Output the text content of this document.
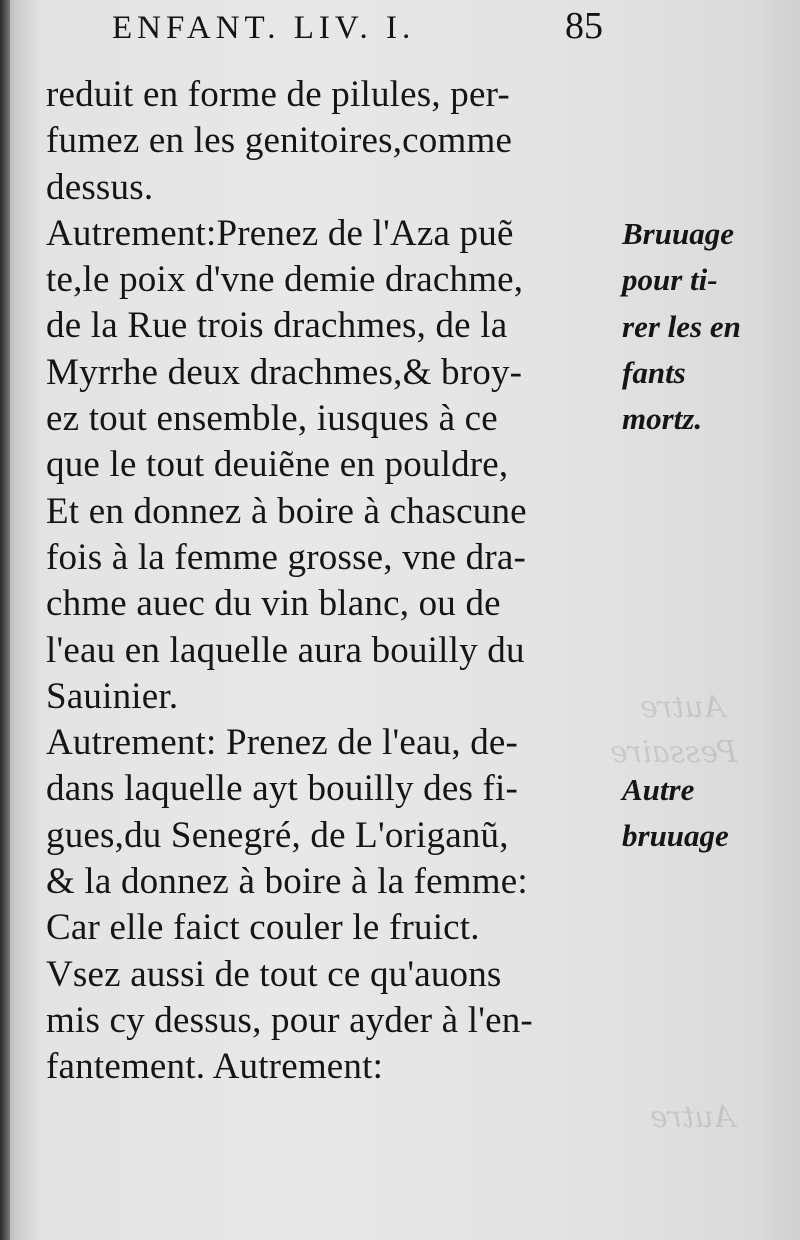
Autre
Pessaire
Autre
ENFANT. LIV. I.	85
reduit en forme de pilules, per-
fumez en les genitoires,comme
dessus.
Autrement:Prenez de l'Aza puẽ
te,le poix d'vne demie drachme,
de la Rue trois drachmes, de la
Myrrhe deux drachmes,& broy-
ez tout ensemble, iusques à ce
que le tout deuiẽne en pouldre,
Et en donnez à boire à chascune
fois à la femme grosse, vne dra-
chme auec du vin blanc, ou de
l'eau en laquelle aura bouilly du
Sauinier.
Autrement: Prenez de l'eau, de-
dans laquelle ayt bouilly des fi-
gues,du Senegré, de L'origanũ,
& la donnez à boire à la femme:
Car elle faict couler le fruict.
Vsez aussi de tout ce qu'auons
mis cy dessus, pour ayder à l'en-
fantement. Autrement:
Bruuage
pour ti-
rer les en
fants
mortz.
Autre
bruuage
